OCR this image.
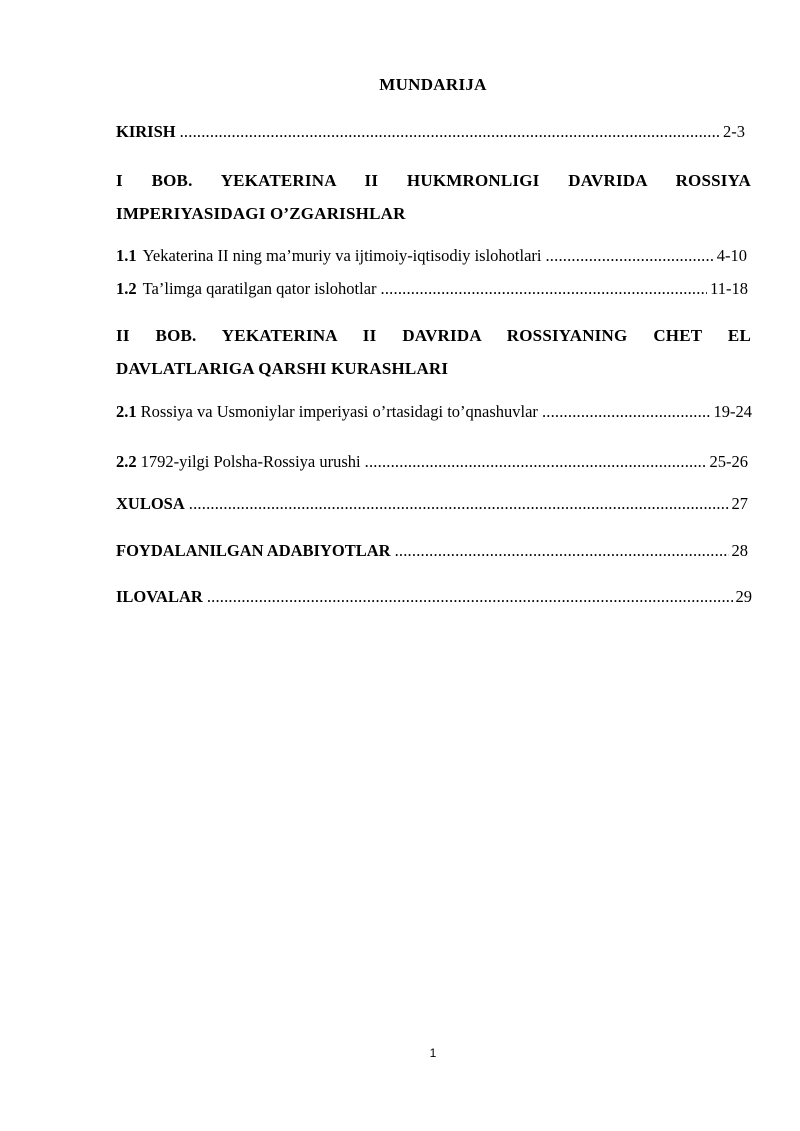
MUNDARIJA
KIRISH .....	2-3
I BOB. YEKATERINA II HUKMRONLIGI DAVRIDA ROSSIYA
IMPERIYASIDAGI O’ZGARISHLAR
1.1 Yekaterina II ning ma’muriy va ijtimoiy-iqtisodiy islohotlari .....	4-10
1.2 Ta’limga qaratilgan qator islohotlar .....	11-18
II BOB. YEKATERINA II DAVRIDA ROSSIYANING CHET EL
DAVLATLARIGA QARSHI KURASHLARI
2.1 Rossiya va Usmoniylar imperiyasi o’rtasidagi to’qnashuvlar .....	19-24
2.2 1792-yilgi Polsha-Rossiya urushi .....	25-26
XULOSA .....	27
FOYDALANILGAN ADABIYOTLAR .....	28
ILOVALAR .....	29
1
